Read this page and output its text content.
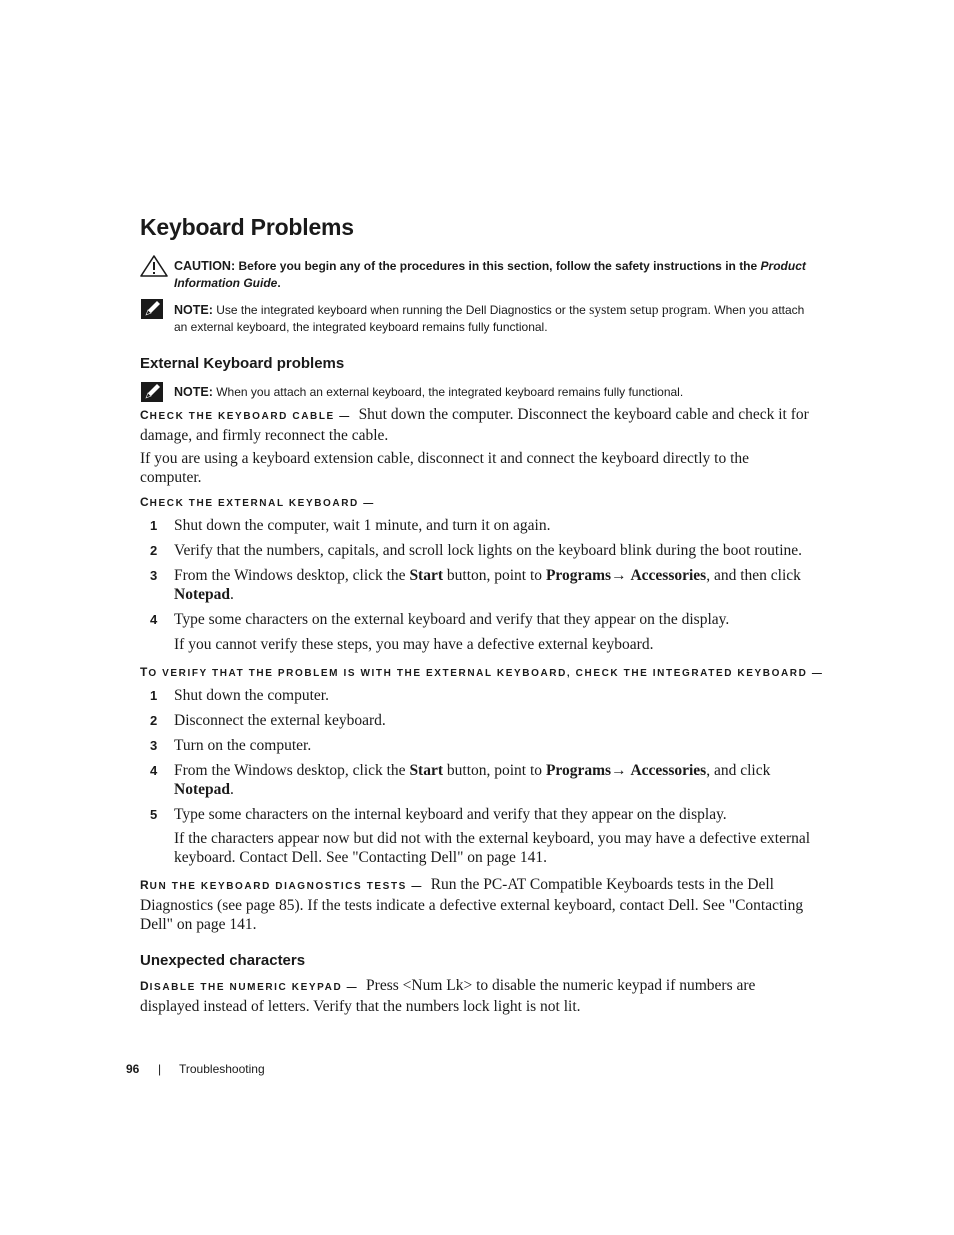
Keyboard Problems
CAUTION: Before you begin any of the procedures in this section, follow the safety instructions in the Product Information Guide.
NOTE: Use the integrated keyboard when running the Dell Diagnostics or the system setup program. When you attach an external keyboard, the integrated keyboard remains fully functional.
External Keyboard problems
NOTE: When you attach an external keyboard, the integrated keyboard remains fully functional.

CHECK THE KEYBOARD CABLE — Shut down the computer. Disconnect the keyboard cable and check it for damage, and firmly reconnect the cable.

If you are using a keyboard extension cable, disconnect it and connect the keyboard directly to the computer.

CHECK THE EXTERNAL KEYBOARD —
1	Shut down the computer, wait 1 minute, and turn it on again.
2	Verify that the numbers, capitals, and scroll lock lights on the keyboard blink during the boot routine.
3	From the Windows desktop, click the Start button, point to Programs→ Accessories, and then click Notepad.
4	Type some characters on the external keyboard and verify that they appear on the display.
If you cannot verify these steps, you may have a defective external keyboard.
TO VERIFY THAT THE PROBLEM IS WITH THE EXTERNAL KEYBOARD, CHECK THE INTEGRATED KEYBOARD —
1	Shut down the computer.
2	Disconnect the external keyboard.
3	Turn on the computer.
4	From the Windows desktop, click the Start button, point to Programs→ Accessories, and click Notepad.
5	Type some characters on the internal keyboard and verify that they appear on the display.
If the characters appear now but did not with the external keyboard, you may have a defective external keyboard. Contact Dell. See "Contacting Dell" on page 141.

RUN THE KEYBOARD DIAGNOSTICS TESTS — Run the PC-AT Compatible Keyboards tests in the Dell Diagnostics (see page 85). If the tests indicate a defective external keyboard, contact Dell. See "Contacting Dell" on page 141.

Unexpected characters

DISABLE THE NUMERIC KEYPAD — Press <Num Lk> to disable the numeric keypad if numbers are displayed instead of letters. Verify that the numbers lock light is not lit.

96 | Troubleshooting
